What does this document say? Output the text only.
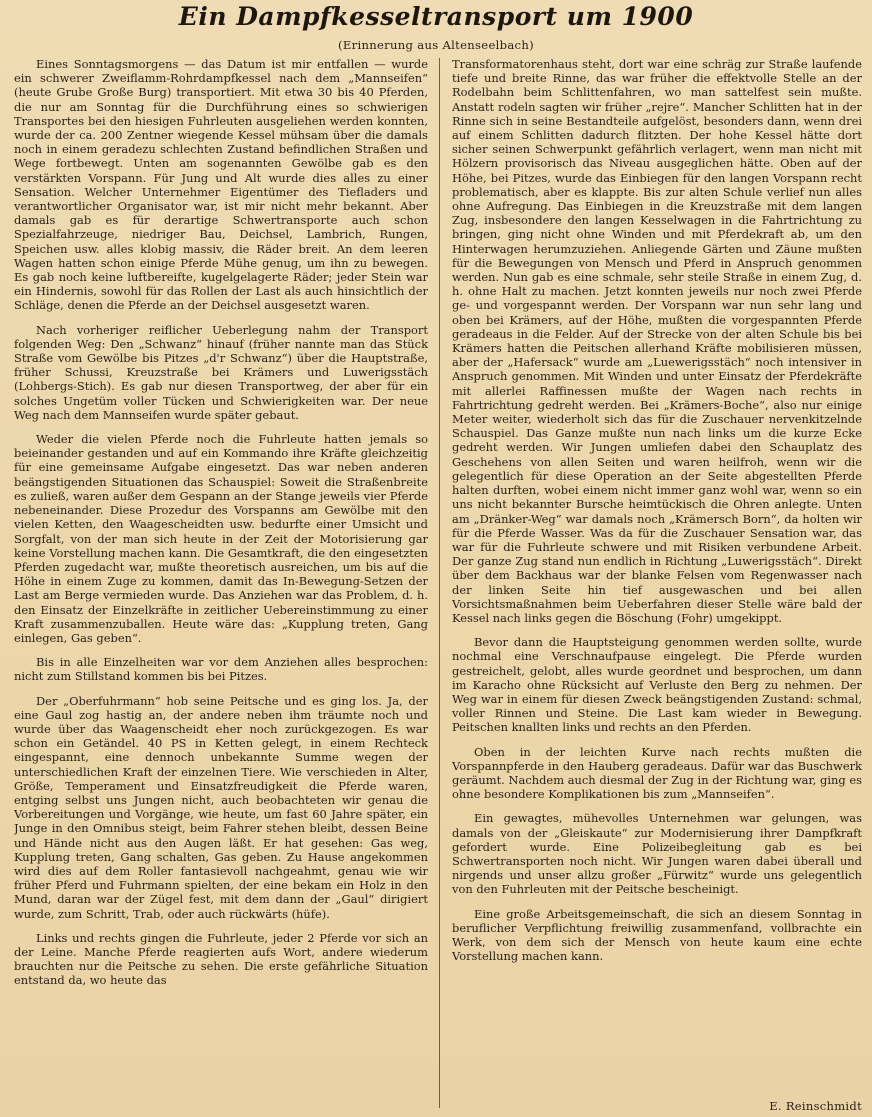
Ein Dampfkesseltransport um 1900
(Erinnerung aus Altenseelbach)

Eines Sonntagsmorgens — das Datum ist mir entfallen — wurde ein schwerer Zweiflamm-Rohrdampfkessel nach dem „Mannseifen“ (heute Grube Große Burg) transportiert. Mit etwa 30 bis 40 Pferden, die nur am Sonntag für die Durchführung eines so schwierigen Transportes bei den hiesigen Fuhrleuten ausgeliehen werden konnten, wurde der ca. 200 Zentner wiegende Kessel mühsam über die damals noch in einem geradezu schlechten Zustand befindlichen Straßen und Wege fortbewegt. Unten am sogenannten Gewölbe gab es den verstärkten Vorspann. Für Jung und Alt wurde dies alles zu einer Sensation. Welcher Unternehmer Eigentümer des Tiefladers und verantwortlicher Organisator war, ist mir nicht mehr bekannt. Aber damals gab es für derartige Schwertransporte auch schon Spezialfahrzeuge, niedriger Bau, Deichsel, Lambrich, Rungen, Speichen usw. alles klobig massiv, die Räder breit. An dem leeren Wagen hatten schon einige Pferde Mühe genug, um ihn zu bewegen. Es gab noch keine luftbereifte, kugelgelagerte Räder; jeder Stein war ein Hindernis, sowohl für das Rollen der Last als auch hinsichtlich der Schläge, denen die Pferde an der Deichsel ausgesetzt waren.

Nach vorheriger reiflicher Ueberlegung nahm der Transport folgenden Weg: Den „Schwanz“ hinauf (früher nannte man das Stück Straße vom Gewölbe bis Pitzes „d'r Schwanz“) über die Hauptstraße, früher Schussi, Kreuzstraße bei Krämers und Luwerigsstäch (Lohbergs-Stich). Es gab nur diesen Transportweg, der aber für ein solches Ungetüm voller Tücken und Schwierigkeiten war. Der neue Weg nach dem Mannseifen wurde später gebaut.

Weder die vielen Pferde noch die Fuhrleute hatten jemals so beieinander gestanden und auf ein Kommando ihre Kräfte gleichzeitig für eine gemeinsame Aufgabe eingesetzt. Das war neben anderen beängstigenden Situationen das Schauspiel: Soweit die Straßenbreite es zuließ, waren außer dem Gespann an der Stange jeweils vier Pferde nebeneinander. Diese Prozedur des Vorspanns am Gewölbe mit den vielen Ketten, den Waagescheidten usw. bedurfte einer Umsicht und Sorgfalt, von der man sich heute in der Zeit der Motorisierung gar keine Vorstellung machen kann. Die Gesamtkraft, die den eingesetzten Pferden zugedacht war, mußte theoretisch ausreichen, um bis auf die Höhe in einem Zuge zu kommen, damit das In-Bewegung-Setzen der Last am Berge vermieden wurde. Das Anziehen war das Problem, d. h. den Einsatz der Einzelkräfte in zeitlicher Uebereinstimmung zu einer Kraft zusammenzuballen. Heute wäre das: „Kupplung treten, Gang einlegen, Gas geben“.

Bis in alle Einzelheiten war vor dem Anziehen alles besprochen: nicht zum Stillstand kommen bis bei Pitzes.

Der „Oberfuhrmann“ hob seine Peitsche und es ging los. Ja, der eine Gaul zog hastig an, der andere neben ihm träumte noch und wurde über das Waagenscheidt eher noch zurückgezogen. Es war schon ein Getändel. 40 PS in Ketten gelegt, in einem Rechteck eingespannt, eine dennoch unbekannte Summe wegen der unterschiedlichen Kraft der einzelnen Tiere. Wie verschieden in Alter, Größe, Temperament und Einsatzfreudigkeit die Pferde waren, entging selbst uns Jungen nicht, auch beobachteten wir genau die Vorbereitungen und Vorgänge, wie heute, um fast 60 Jahre später, ein Junge in den Omnibus steigt, beim Fahrer stehen bleibt, dessen Beine und Hände nicht aus den Augen läßt. Er hat gesehen: Gas weg, Kupplung treten, Gang schalten, Gas geben. Zu Hause angekommen wird dies auf dem Roller fantasievoll nachgeahmt, genau wie wir früher Pferd und Fuhrmann spielten, der eine bekam ein Holz in den Mund, daran war der Zügel fest, mit dem dann der „Gaul“ dirigiert wurde, zum Schritt, Trab, oder auch rückwärts (hüfe).

Links und rechts gingen die Fuhrleute, jeder 2 Pferde vor sich an der Leine. Manche Pferde reagierten aufs Wort, andere wiederum brauchten nur die Peitsche zu sehen. Die erste gefährliche Situation entstand da, wo heute das

Transformatorenhaus steht, dort war eine schräg zur Straße laufende tiefe und breite Rinne, das war früher die effektvolle Stelle an der Rodelbahn beim Schlittenfahren, wo man sattelfest sein mußte. Anstatt rodeln sagten wir früher „rejre“. Mancher Schlitten hat in der Rinne sich in seine Bestandteile aufgelöst, besonders dann, wenn drei auf einem Schlitten dadurch flitzten. Der hohe Kessel hätte dort sicher seinen Schwerpunkt gefährlich verlagert, wenn man nicht mit Hölzern provisorisch das Niveau ausgeglichen hätte. Oben auf der Höhe, bei Pitzes, wurde das Einbiegen für den langen Vorspann recht problematisch, aber es klappte. Bis zur alten Schule verlief nun alles ohne Aufregung. Das Einbiegen in die Kreuzstraße mit dem langen Zug, insbesondere den langen Kesselwagen in die Fahrtrichtung zu bringen, ging nicht ohne Winden und mit Pferdekraft ab, um den Hinterwagen herumzuziehen. Anliegende Gärten und Zäune mußten für die Bewegungen von Mensch und Pferd in Anspruch genommen werden. Nun gab es eine schmale, sehr steile Straße in einem Zug, d. h. ohne Halt zu machen. Jetzt konnten jeweils nur noch zwei Pferde ge- und vorgespannt werden. Der Vorspann war nun sehr lang und oben bei Krämers, auf der Höhe, mußten die vorgespannten Pferde geradeaus in die Felder. Auf der Strecke von der alten Schule bis bei Krämers hatten die Peitschen allerhand Kräfte mobilisieren müssen, aber der „Hafersack“ wurde am „Luewerigsstäch“ noch intensiver in Anspruch genommen. Mit Winden und unter Einsatz der Pferdekräfte mit allerlei Raffinessen mußte der Wagen nach rechts in Fahrtrichtung gedreht werden. Bei „Krämers-Boche“, also nur einige Meter weiter, wiederholt sich das für die Zuschauer nervenkitzelnde Schauspiel. Das Ganze mußte nun nach links um die kurze Ecke gedreht werden. Wir Jungen umliefen dabei den Schauplatz des Geschehens von allen Seiten und waren heilfroh, wenn wir die gelegentlich für diese Operation an der Seite abgestellten Pferde halten durften, wobei einem nicht immer ganz wohl war, wenn so ein uns nicht bekannter Bursche heimtückisch die Ohren anlegte. Unten am „Dränker-Weg“ war damals noch „Krämersch Born“, da holten wir für die Pferde Wasser. Was da für die Zuschauer Sensation war, das war für die Fuhrleute schwere und mit Risiken verbundene Arbeit. Der ganze Zug stand nun endlich in Richtung „Luwerigsstäch“. Direkt über dem Backhaus war der blanke Felsen vom Regenwasser nach der linken Seite hin tief ausgewaschen und bei allen Vorsichtsmaßnahmen beim Ueberfahren dieser Stelle wäre bald der Kessel nach links gegen die Böschung (Fohr) umgekippt.

Bevor dann die Hauptsteigung genommen werden sollte, wurde nochmal eine Verschnaufpause eingelegt. Die Pferde wurden gestreichelt, gelobt, alles wurde geordnet und besprochen, um dann im Karacho ohne Rücksicht auf Verluste den Berg zu nehmen. Der Weg war in einem für diesen Zweck beängstigenden Zustand: schmal, voller Rinnen und Steine. Die Last kam wieder in Bewegung. Peitschen knallten links und rechts an den Pferden.

Oben in der leichten Kurve nach rechts mußten die Vorspannpferde in den Hauberg geradeaus. Dafür war das Buschwerk geräumt. Nachdem auch diesmal der Zug in der Richtung war, ging es ohne besondere Komplikationen bis zum „Mannseifen“.

Ein gewagtes, mühevolles Unternehmen war gelungen, was damals von der „Gleiskaute“ zur Modernisierung ihrer Dampfkraft gefordert wurde. Eine Polizeibegleitung gab es bei Schwertransporten noch nicht. Wir Jungen waren dabei überall und nirgends und unser allzu großer „Fürwitz“ wurde uns gelegentlich von den Fuhrleuten mit der Peitsche bescheinigt.

Eine große Arbeitsgemeinschaft, die sich an diesem Sonntag in beruflicher Verpflichtung freiwillig zusammenfand, vollbrachte ein Werk, von dem sich der Mensch von heute kaum eine echte Vorstellung machen kann.

E. Reinschmidt
